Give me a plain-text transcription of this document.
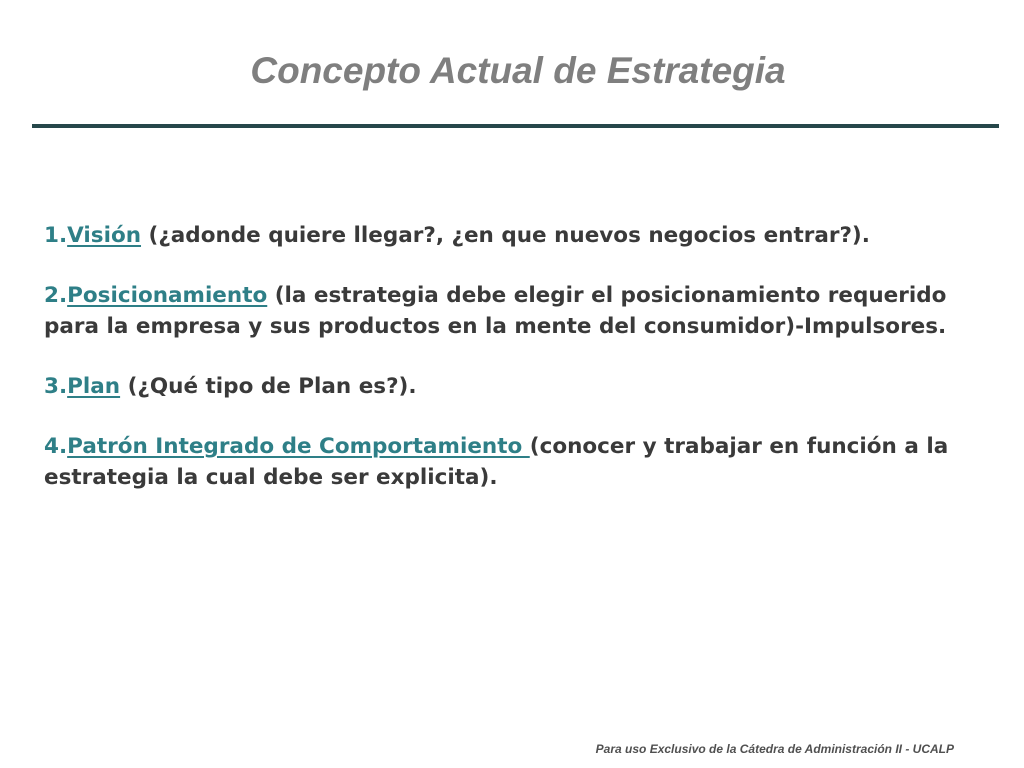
Concepto Actual de Estrategia

1.Visión (¿adonde quiere llegar?, ¿en que nuevos negocios entrar?).

2.Posicionamiento (la estrategia debe elegir el posicionamiento requerido para la empresa y sus productos en la mente del consumidor)-Impulsores.

3.Plan (¿Qué tipo de Plan es?).

4.Patrón Integrado de Comportamiento (conocer y trabajar en función a la estrategia la cual debe ser explicita).

Para uso Exclusivo de la Cátedra de Administración II - UCALP
